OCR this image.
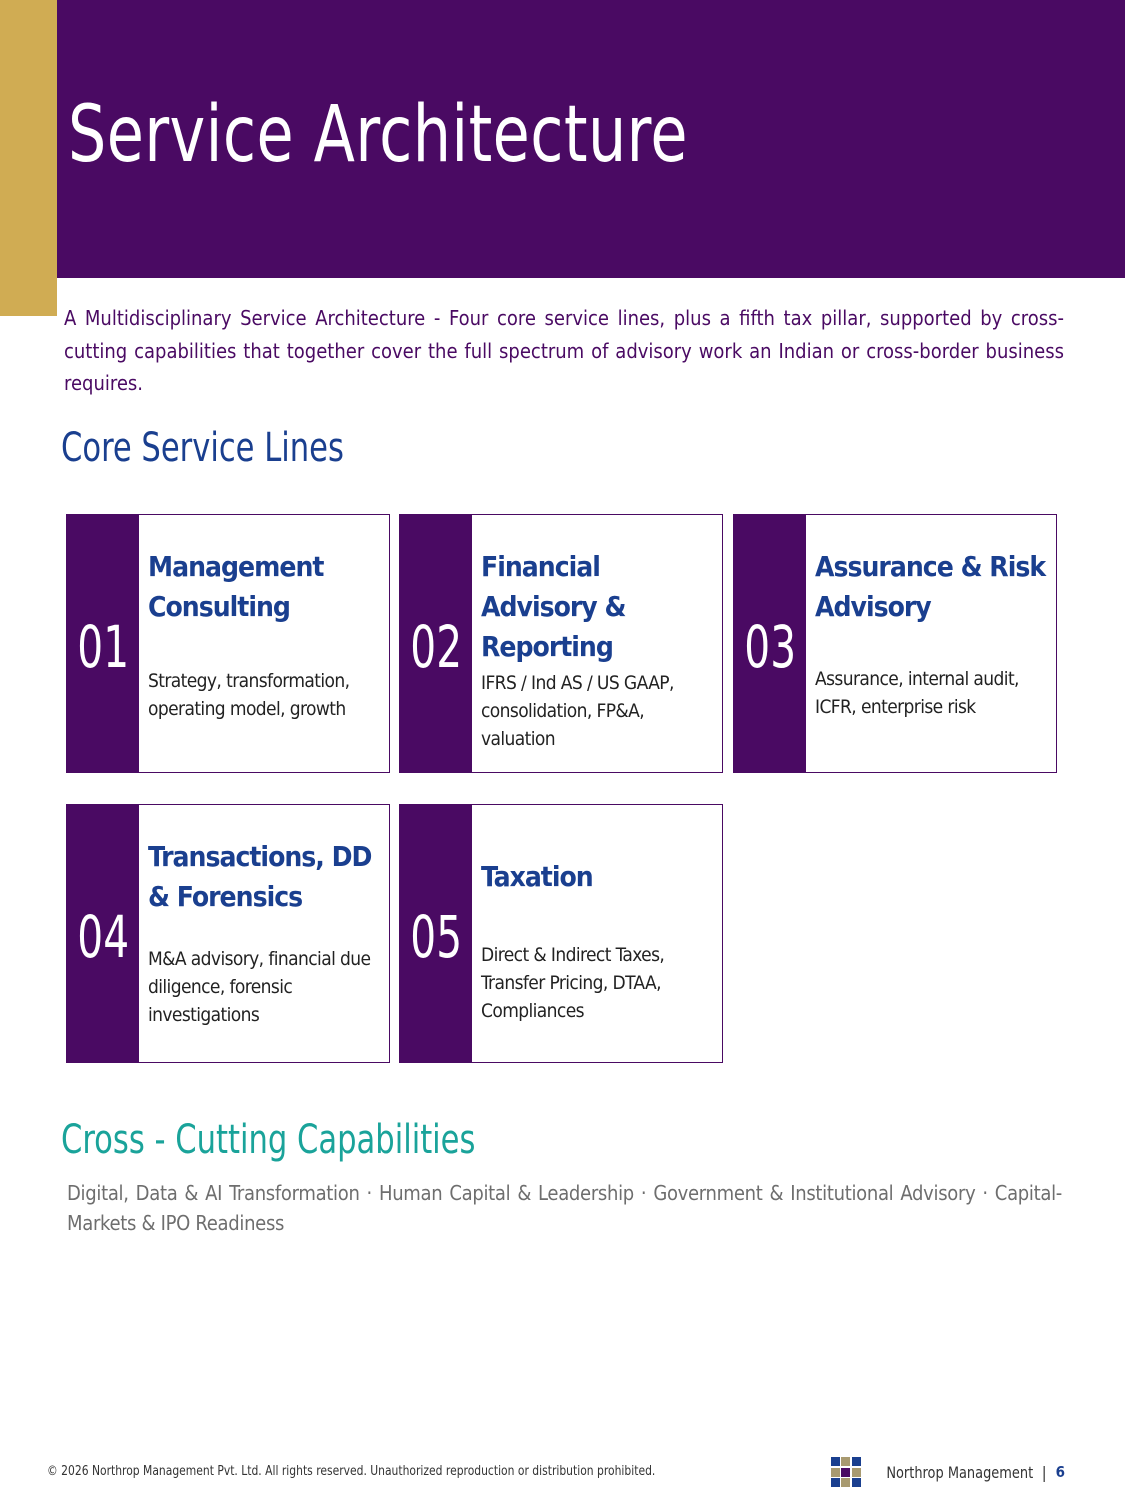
Service Architecture

A Multidisciplinary Service Architecture - Four core service lines, plus a fifth tax pillar, supported by cross-cutting capabilities that together cover the full spectrum of advisory work an Indian or cross-border business requires.

Core Service Lines
01
Management Consulting

Strategy, transformation, operating model, growth

02
Financial Advisory & Reporting

IFRS / Ind AS / US GAAP, consolidation, FP&A, valuation

03
Assurance & Risk Advisory

Assurance, internal audit, ICFR, enterprise risk

04
Transactions, DD & Forensics

M&A advisory, financial due diligence, forensic investigations

05
Taxation

Direct & Indirect Taxes, Transfer Pricing, DTAA, Compliances

Cross - Cutting Capabilities

Digital, Data & AI Transformation · Human Capital & Leadership · Government & Institutional Advisory · Capital-Markets & IPO Readiness

© 2026 Northrop Management Pvt. Ltd. All rights reserved. Unauthorized reproduction or distribution prohibited.	Northrop Management | 6
